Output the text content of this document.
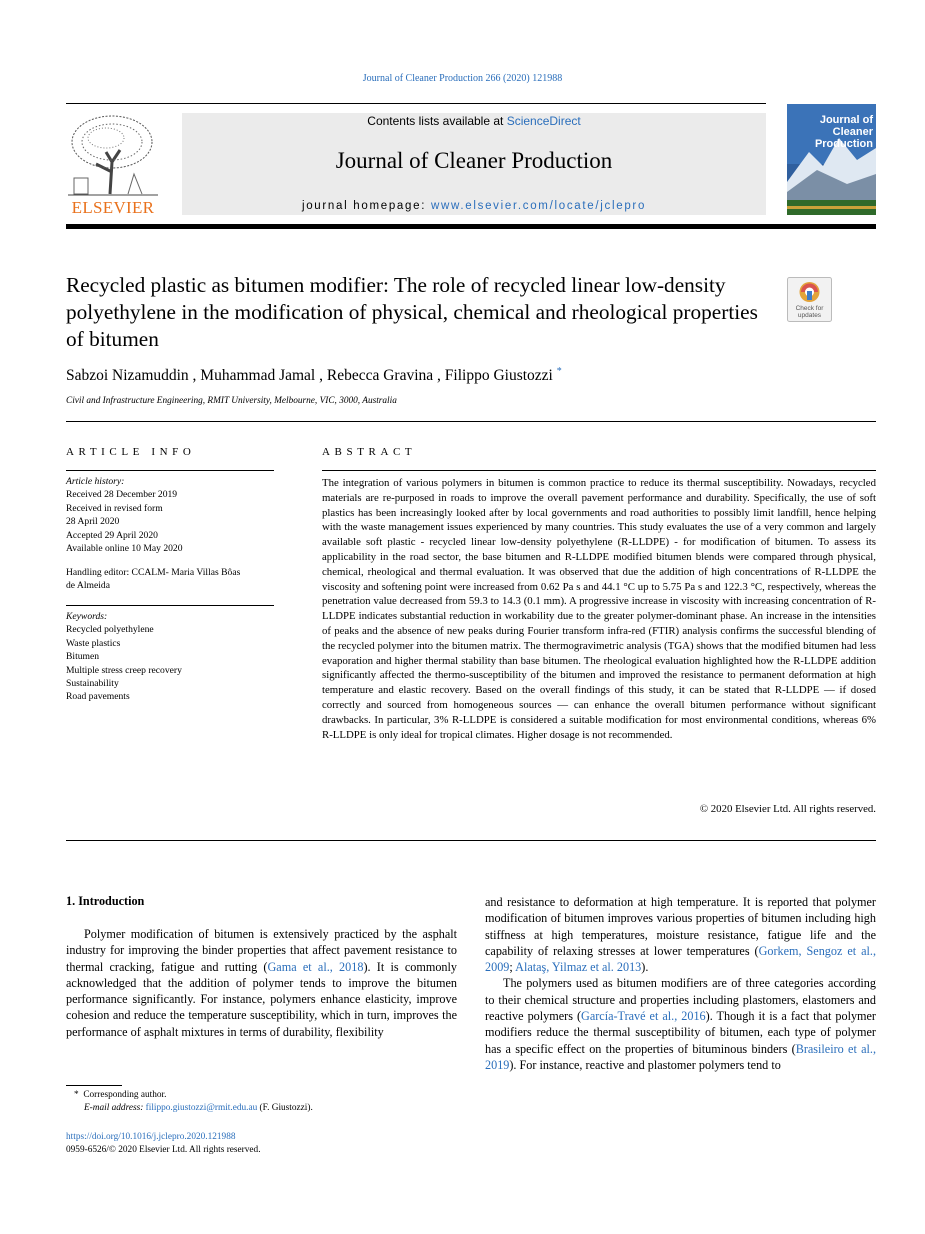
Journal of Cleaner Production 266 (2020) 121988
ELSEVIER
Contents lists available at ScienceDirect
Journal of Cleaner Production
journal homepage: www.elsevier.com/locate/jclepro
Journal of Cleaner Production
Recycled plastic as bitumen modifier: The role of recycled linear low-density polyethylene in the modification of physical, chemical and rheological properties of bitumen
Check for updates
Sabzoi Nizamuddin , Muhammad Jamal , Rebecca Gravina , Filippo Giustozzi *
Civil and Infrastructure Engineering, RMIT University, Melbourne, VIC, 3000, Australia
ARTICLE INFO
Article history:
Received 28 December 2019
Received in revised form
28 April 2020
Accepted 29 April 2020
Available online 10 May 2020
Handling editor: CCALM- Maria Villas Bôas
de Almeida
Keywords:
Recycled polyethylene
Waste plastics
Bitumen
Multiple stress creep recovery
Sustainability
Road pavements
ABSTRACT
The integration of various polymers in bitumen is common practice to reduce its thermal susceptibility. Nowadays, recycled materials are re-purposed in roads to improve the overall pavement performance and durability. Specifically, the use of soft plastics has been increasingly looked after by local governments and road authorities to possibly limit landfill, hence helping with the waste management issues experienced by many countries. This study evaluates the use of a very common and largely available soft plastic - recycled linear low-density polyethylene (R-LLDPE) - for modification of bitumen. To assess its applicability in the road sector, the base bitumen and R-LLDPE modified bitumen blends were compared through physical, chemical, rheological and thermal evaluation. It was observed that due the addition of high concentrations of R-LLDPE the viscosity and softening point were increased from 0.62 Pa s and 44.1 °C up to 5.75 Pa s and 122.3 °C, respectively, whereas the penetration value decreased from 59.3 to 14.3 (0.1 mm). A progressive increase in viscosity with increasing concentration of R-LLDPE indicates substantial reduction in workability due to the greater polymer-dominant phase. An increase in the intensities of peaks and the absence of new peaks during Fourier transform infra-red (FTIR) analysis confirms the successful blending of the recycled polymer into the bitumen matrix. The thermogravimetric analysis (TGA) shows that the modified bitumen had less evaporation and higher thermal stability than base bitumen. The rheological evaluation highlighted how the R-LLDPE addition significantly affected the thermo-susceptibility of the bitumen and improved the resistance to permanent deformation at high temperature and elastic recovery. Based on the overall findings of this study, it can be stated that R-LLDPE — if dosed correctly and sourced from homogeneous sources — can enhance the overall bitumen performance without significant drawbacks. In particular, 3% R-LLDPE is considered a suitable modification for most environmental conditions, whereas 6% R-LLDPE is only ideal for tropical climates. Higher dosage is not recommended.
© 2020 Elsevier Ltd. All rights reserved.
1. Introduction

Polymer modification of bitumen is extensively practiced by the asphalt industry for improving the binder properties that affect pavement resistance to thermal cracking, fatigue and rutting (Gama et al., 2018). It is commonly acknowledged that the addition of polymer tends to improve the bitumen performance significantly. For instance, polymers enhance elasticity, improve cohesion and reduce the temperature susceptibility, which in turn, improves the performance of asphalt mixtures in terms of durability, flexibility

and resistance to deformation at high temperature. It is reported that polymer modification of bitumen improves various properties of bitumen including high stiffness at high temperatures, moisture resistance, fatigue life and the capability of relaxing stresses at lower temperatures (Gorkem, Sengoz et al., 2009; Alataş, Yilmaz et al. 2013).

The polymers used as bitumen modifiers are of three categories according to their chemical structure and properties including plastomers, elastomers and reactive polymers (García-Travé et al., 2016). Though it is a fact that polymer modifiers reduce the thermal susceptibility of bitumen, each type of polymer has a specific effect on the properties of bituminous binders (Brasileiro et al., 2019). For instance, reactive and plastomer polymers tend to

* Corresponding author.
E-mail address: filippo.giustozzi@rmit.edu.au (F. Giustozzi).
https://doi.org/10.1016/j.jclepro.2020.121988
0959-6526/© 2020 Elsevier Ltd. All rights reserved.
